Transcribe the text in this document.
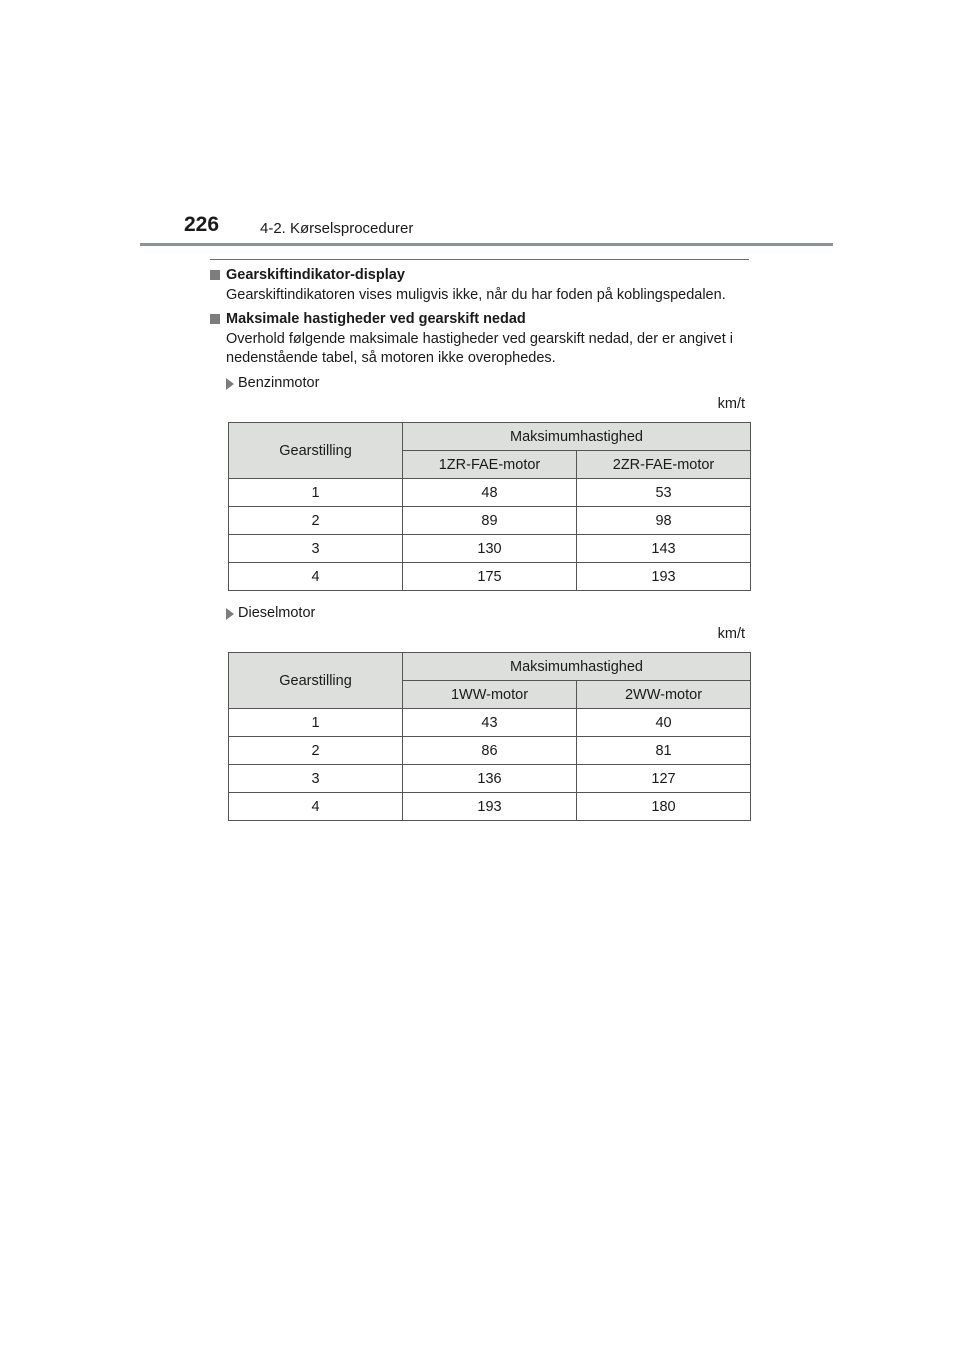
226	4-2. Kørselsprocedurer
Gearskiftindikator-display
Gearskiftindikatoren vises muligvis ikke, når du har foden på koblingspedalen.
Maksimale hastigheder ved gearskift nedad
Overhold følgende maksimale hastigheder ved gearskift nedad, der er angivet i nedenstående tabel, så motoren ikke overophedes.
Benzinmotor
km/t
Gearstilling	Maksimumhastighed	
	1ZR-FAE-motor	2ZR-FAE-motor
1	48	53
2	89	98
3	130	143
4	175	193
Dieselmotor
km/t
Gearstilling	Maksimumhastighed	
	1WW-motor	2WW-motor
1	43	40
2	86	81
3	136	127
4	193	180
